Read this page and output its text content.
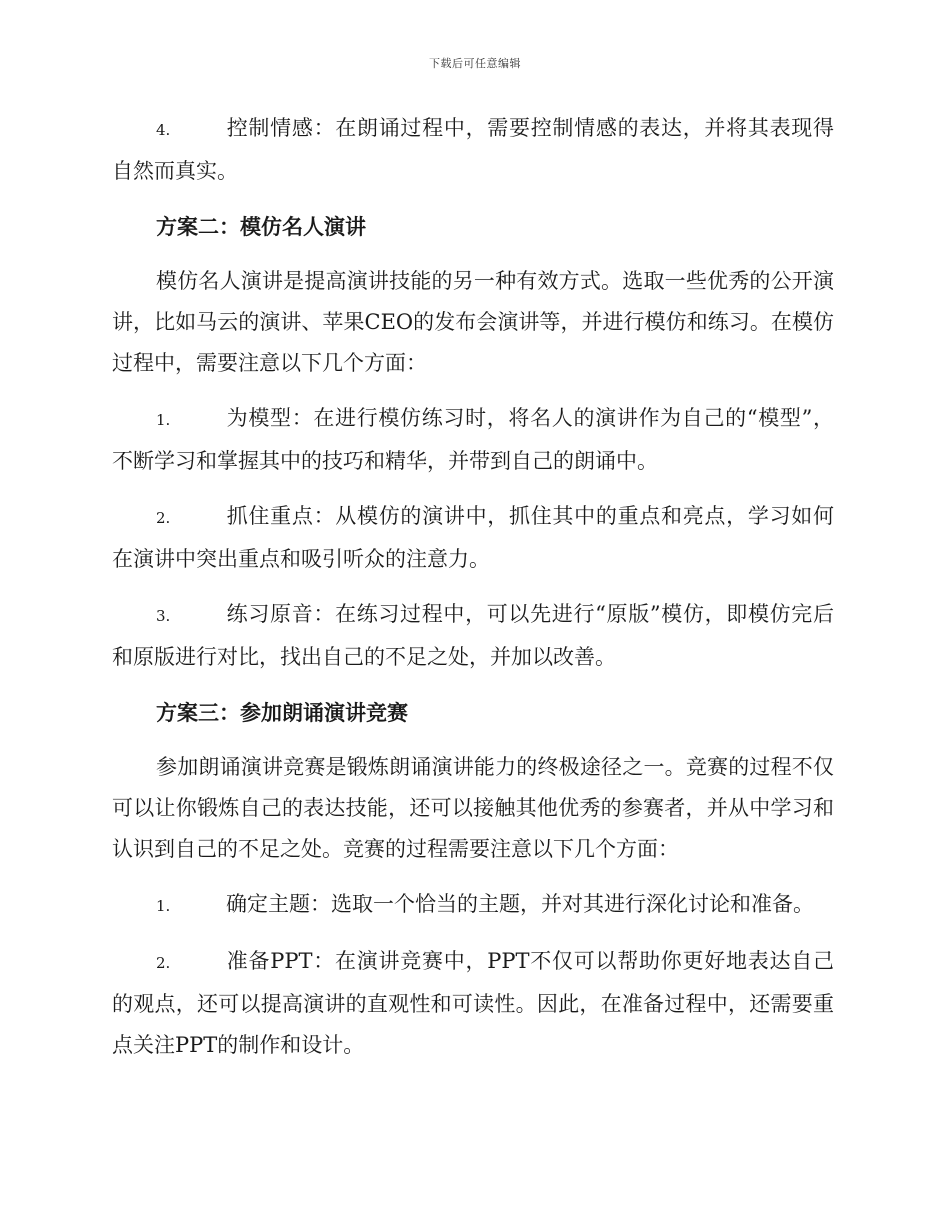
下载后可任意编辑

4.	控制情感：在朗诵过程中，需要控制情感的表达，并将其表现得自然而真实。

方案二：模仿名人演讲

模仿名人演讲是提高演讲技能的另一种有效方式。选取一些优秀的公开演讲，比如马云的演讲、苹果CEO的发布会演讲等，并进行模仿和练习。在模仿过程中，需要注意以下几个方面：

1.	为模型：在进行模仿练习时，将名人的演讲作为自己的“模型”，不断学习和掌握其中的技巧和精华，并带到自己的朗诵中。

2.	抓住重点：从模仿的演讲中，抓住其中的重点和亮点，学习如何在演讲中突出重点和吸引听众的注意力。

3.	练习原音：在练习过程中，可以先进行“原版”模仿，即模仿完后和原版进行对比，找出自己的不足之处，并加以改善。

方案三：参加朗诵演讲竞赛

参加朗诵演讲竞赛是锻炼朗诵演讲能力的终极途径之一。竞赛的过程不仅可以让你锻炼自己的表达技能，还可以接触其他优秀的参赛者，并从中学习和认识到自己的不足之处。竞赛的过程需要注意以下几个方面：

1.	确定主题：选取一个恰当的主题，并对其进行深化讨论和准备。

2.	准备PPT：在演讲竞赛中，PPT不仅可以帮助你更好地表达自己的观点，还可以提高演讲的直观性和可读性。因此，在准备过程中，还需要重点关注PPT的制作和设计。
